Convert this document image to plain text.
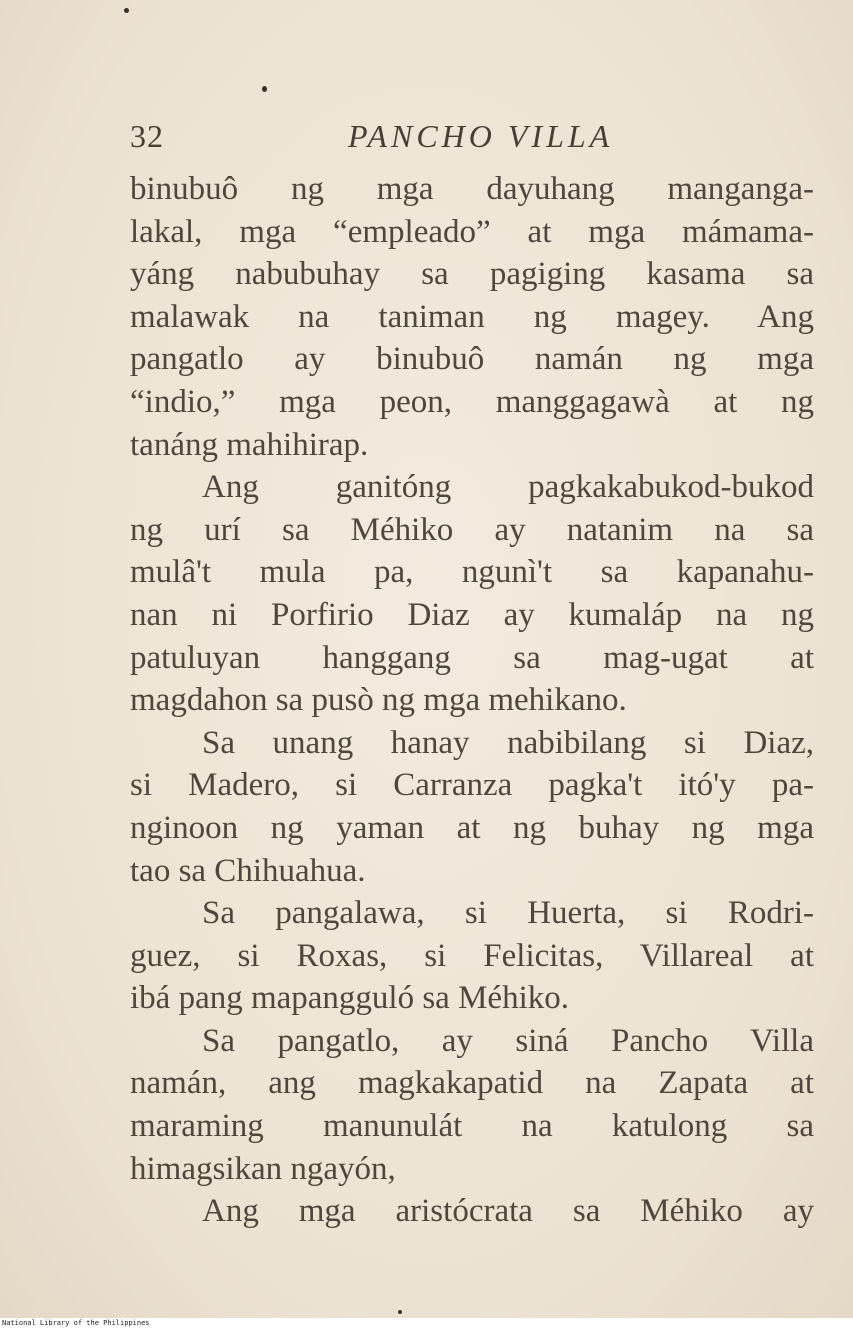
32	PANCHO VILLA
binubuô ng mga dayuhang mangangа-
lakal, mga “empleado” at mga mámamа-
yáng nabubuhay sa pagiging kasama sa
malawak na taniman ng magey. Ang
pangatlo ay binubuô namán ng mga
“indio,” mga peon, manggagawà at ng
tanáng mahihirap.
Ang ganitóng pagkakabukod-bukod
ng urí sa Méhiko ay natanim na sa
mulâ't mula pa, ngunì't sa kapanahu-
nan ni Porfirio Diaz ay kumaláp na ng
patuluyan hanggang sa mag-ugat at
magdahon sa pusò ng mga mehikano.
Sa unang hanay nabibilang si Diaz,
si Madero, si Carranza pagka't itó'y pa-
nginoon ng yaman at ng buhay ng mga
tao sa Chihuahua.
Sa pangalawa, si Huerta, si Rodri-
guez, si Roxas, si Felicitas, Villareal at
ibá pang mapangguló sa Méhiko.
Sa pangatlo, ay siná Pancho Villa
namán, ang magkakapatid na Zapata at
maraming manunulát na katulong sa
himagsikan ngayón,
Ang mga aristócrata sa Méhiko ay
National Library of the Philippines
